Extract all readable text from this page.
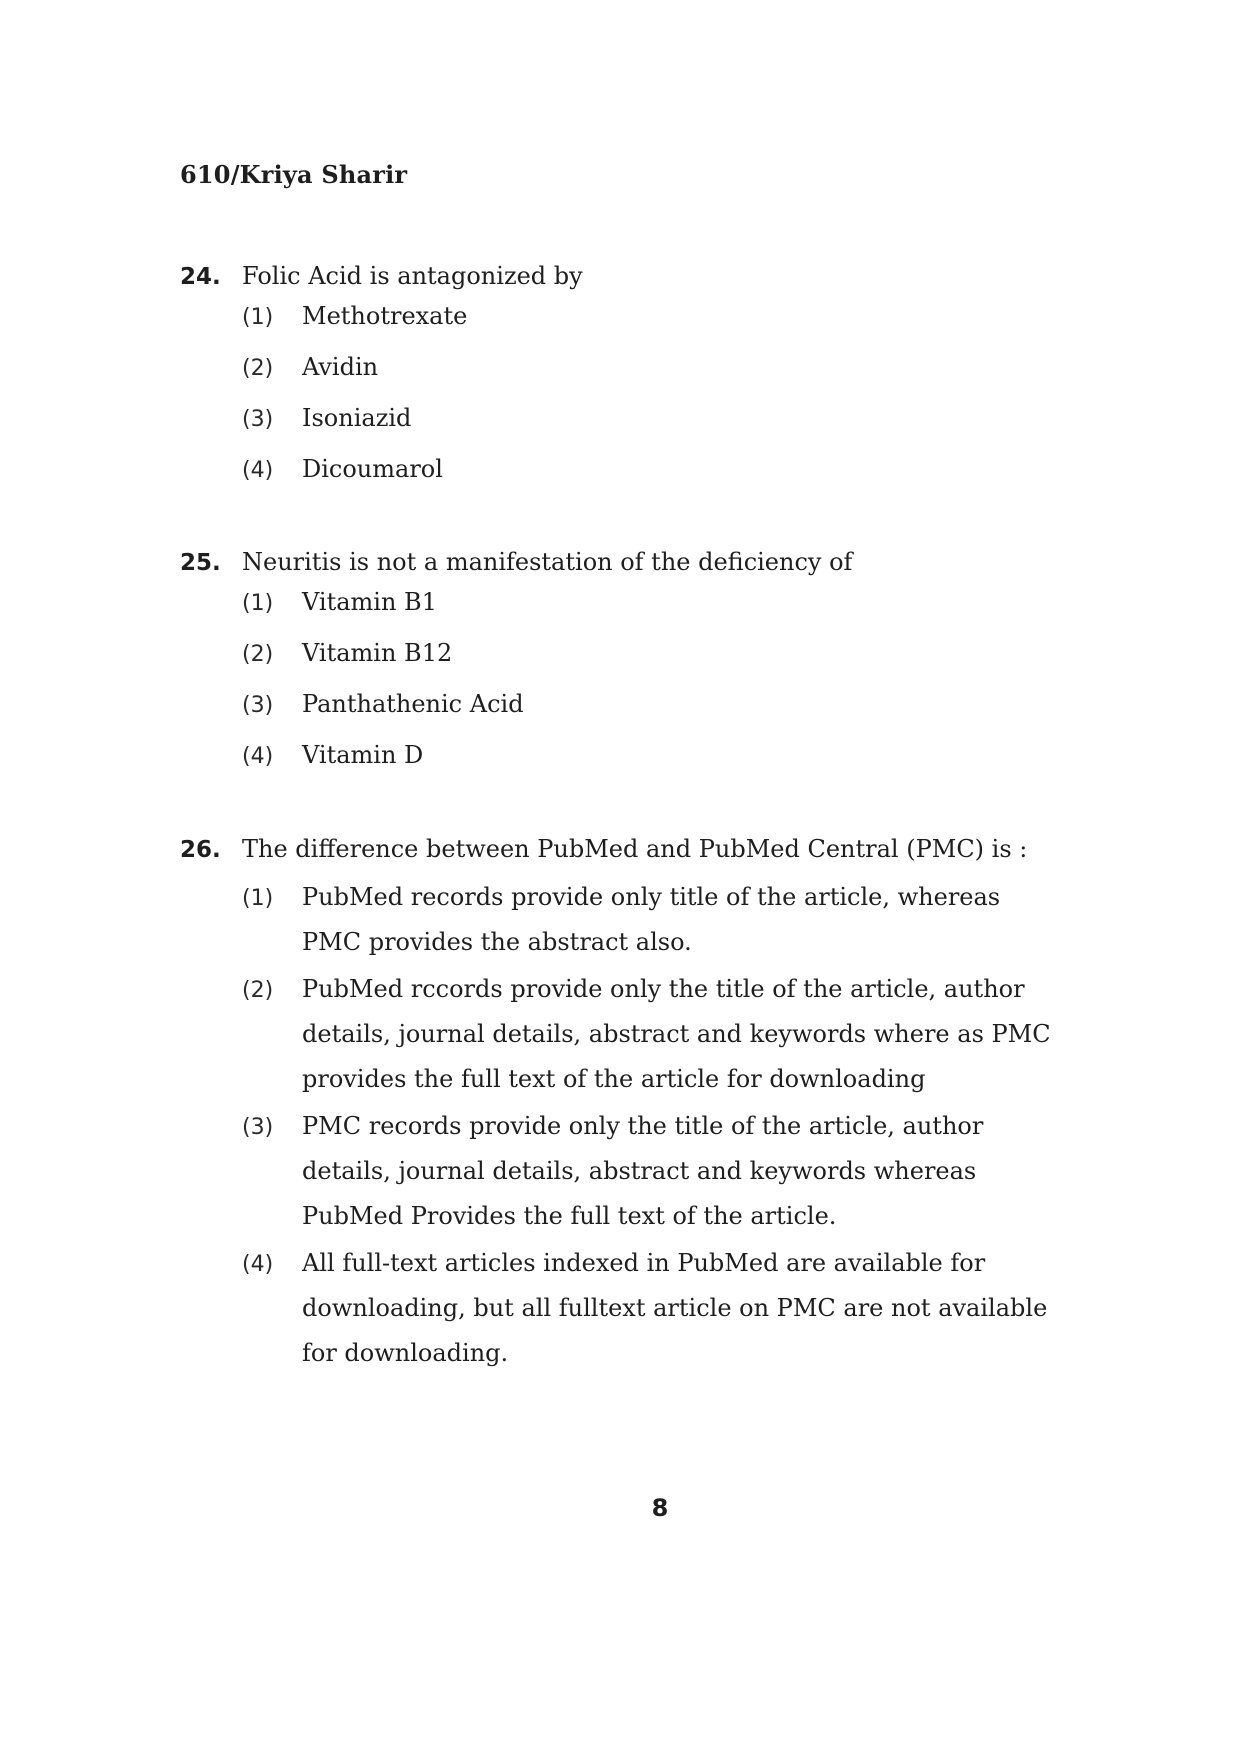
610/Kriya Sharir
24. Folic Acid is antagonized by
(1)	Methotrexate
(2)	Avidin
(3)	Isoniazid
(4)	Dicoumarol
25. Neuritis is not a manifestation of the deficiency of
(1)	Vitamin B1
(2)	Vitamin B12
(3)	Panthathenic Acid
(4)	Vitamin D
26. The difference between PubMed and PubMed Central (PMC) is :
(1)	PubMed records provide only title of the article, whereas PMC provides the abstract also.
(2)	PubMed rccords provide only the title of the article, author details, journal details, abstract and keywords where as PMC provides the full text of the article for downloading
(3)	PMC records provide only the title of the article, author details, journal details, abstract and keywords whereas PubMed Provides the full text of the article.
(4)	All full-text articles indexed in PubMed are available for downloading, but all fulltext article on PMC are not available for downloading.
8
